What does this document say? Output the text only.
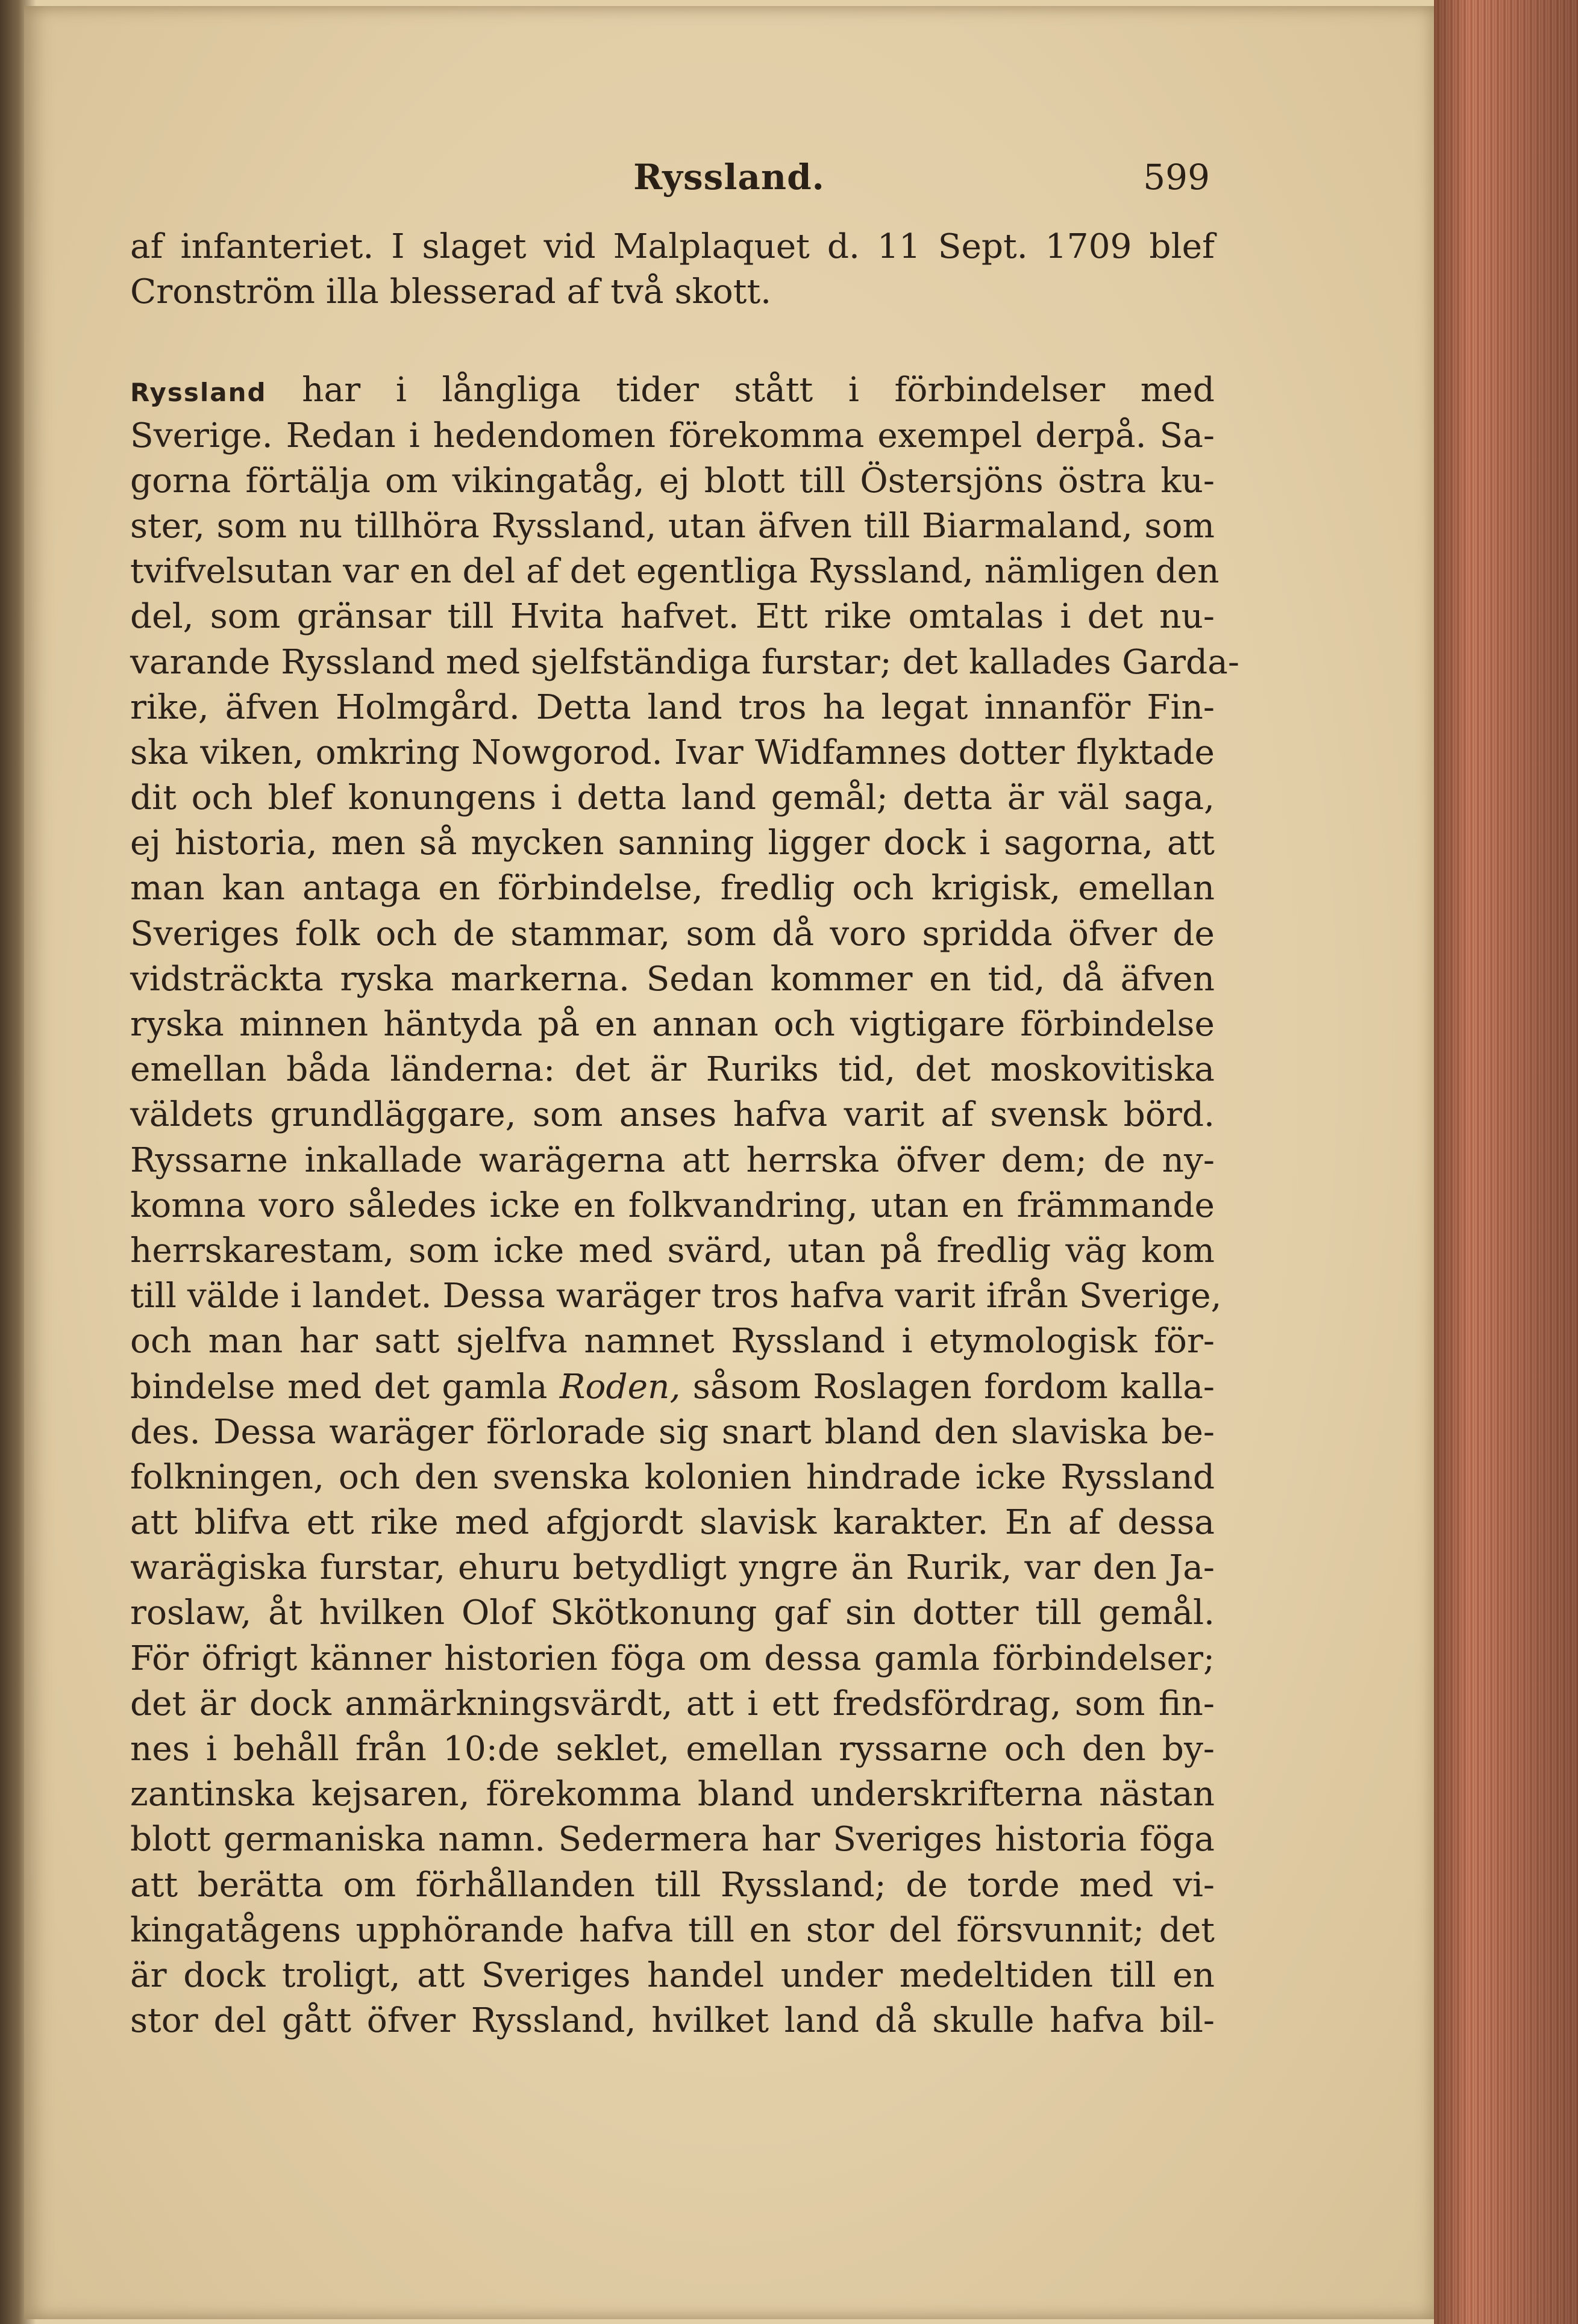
Ryssland.	599
af infanteriet. I slaget vid Malplaquet d. 11 Sept. 1709 blef
Cronström illa blesserad af två skott.
Ryssland har i långliga tider stått i förbindelser med
Sverige. Redan i hedendomen förekomma exempel derpå. Sa-
gorna förtälja om vikingatåg, ej blott till Östersjöns östra ku-
ster, som nu tillhöra Ryssland, utan äfven till Biarmaland, som
tvifvelsutan var en del af det egentliga Ryssland, nämligen den
del, som gränsar till Hvita hafvet. Ett rike omtalas i det nu-
varande Ryssland med sjelfständiga furstar; det kallades Garda-
rike, äfven Holmgård. Detta land tros ha legat innanför Fin-
ska viken, omkring Nowgorod. Ivar Widfamnes dotter flyktade
dit och blef konungens i detta land gemål; detta är väl saga,
ej historia, men så mycken sanning ligger dock i sagorna, att
man kan antaga en förbindelse, fredlig och krigisk, emellan
Sveriges folk och de stammar, som då voro spridda öfver de
vidsträckta ryska markerna. Sedan kommer en tid, då äfven
ryska minnen häntyda på en annan och vigtigare förbindelse
emellan båda länderna: det är Ruriks tid, det moskovitiska
väldets grundläggare, som anses hafva varit af svensk börd.
Ryssarne inkallade warägerna att herrska öfver dem; de ny-
komna voro således icke en folkvandring, utan en främmande
herrskarestam, som icke med svärd, utan på fredlig väg kom
till välde i landet. Dessa waräger tros hafva varit ifrån Sverige,
och man har satt sjelfva namnet Ryssland i etymologisk för-
bindelse med det gamla Roden, såsom Roslagen fordom kalla-
des. Dessa waräger förlorade sig snart bland den slaviska be-
folkningen, och den svenska kolonien hindrade icke Ryssland
att blifva ett rike med afgjordt slavisk karakter. En af dessa
warägiska furstar, ehuru betydligt yngre än Rurik, var den Ja-
roslaw, åt hvilken Olof Skötkonung gaf sin dotter till gemål.
För öfrigt känner historien föga om dessa gamla förbindelser;
det är dock anmärkningsvärdt, att i ett fredsfördrag, som fin-
nes i behåll från 10:de seklet, emellan ryssarne och den by-
zantinska kejsaren, förekomma bland underskrifterna nästan
blott germaniska namn. Sedermera har Sveriges historia föga
att berätta om förhållanden till Ryssland; de torde med vi-
kingatågens upphörande hafva till en stor del försvunnit; det
är dock troligt, att Sveriges handel under medeltiden till en
stor del gått öfver Ryssland, hvilket land då skulle hafva bil-
